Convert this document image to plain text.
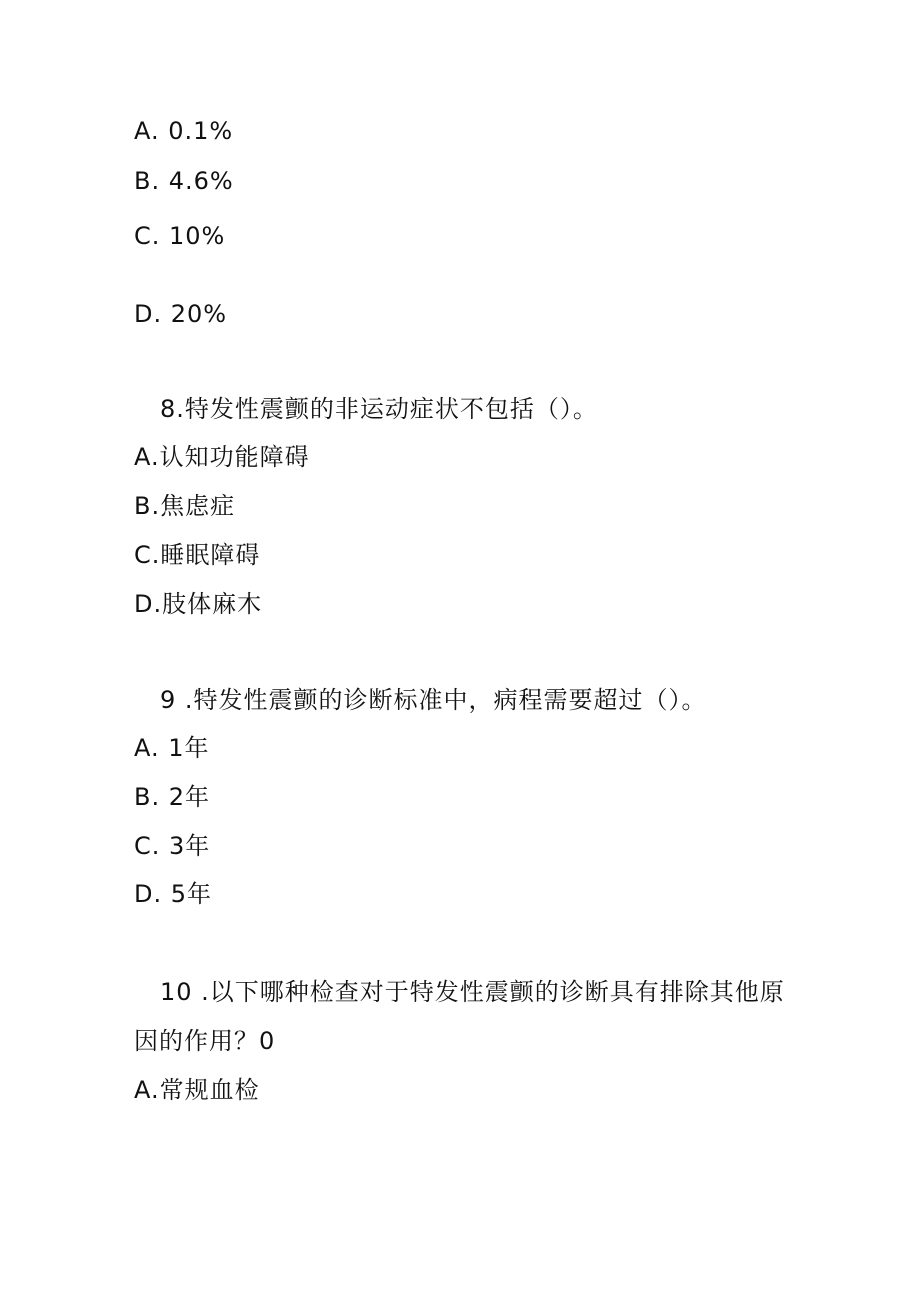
A. 0.1%
B. 4.6%
C. 10%
D. 20%
8.特发性震颤的非运动症状不包括（）。
A.认知功能障碍
B.焦虑症
C.睡眠障碍
D.肢体麻木
9 .特发性震颤的诊断标准中，病程需要超过（）。
A. 1年
B. 2年
C. 3年
D. 5年
10 .以下哪种检查对于特发性震颤的诊断具有排除其他原
因的作用？0
A.常规血检
